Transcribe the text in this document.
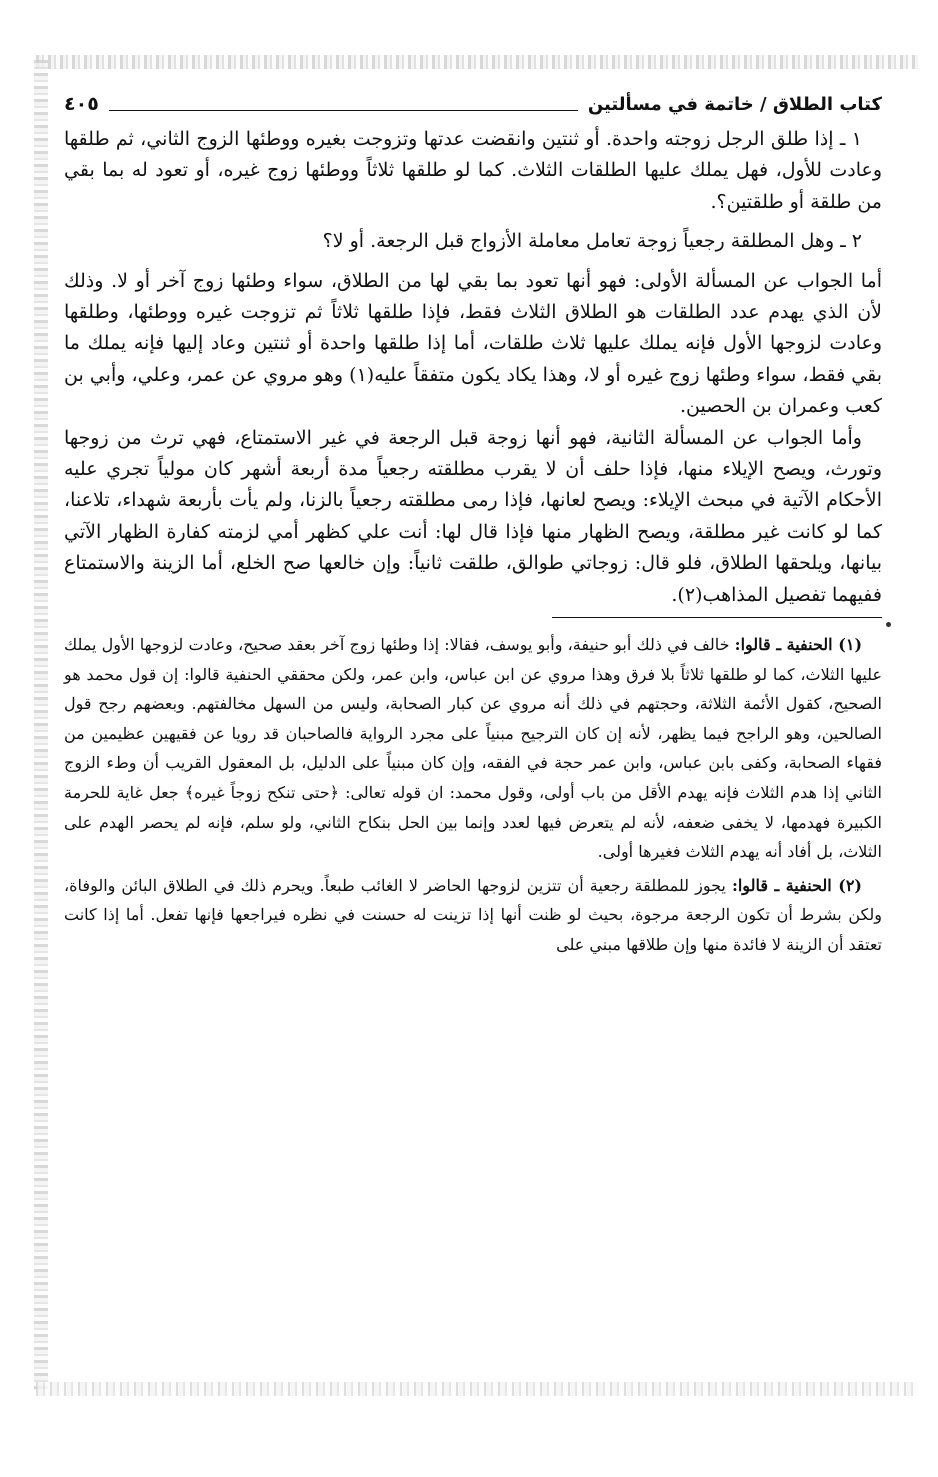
كتاب الطلاق / خاتمة في مسألتين
٤٠٥

١ ـ إذا طلق الرجل زوجته واحدة. أو ثنتين وانقضت عدتها وتزوجت بغيره ووطئها الزوج الثاني، ثم طلقها وعادت للأول، فهل يملك عليها الطلقات الثلاث. كما لو طلقها ثلاثاً ووطئها زوج غيره، أو تعود له بما بقي من طلقة أو طلقتين؟.

٢ ـ وهل المطلقة رجعياً زوجة تعامل معاملة الأزواج قبل الرجعة. أو لا؟

أما الجواب عن المسألة الأولى: فهو أنها تعود بما بقي لها من الطلاق، سواء وطئها زوج آخر أو لا. وذلك لأن الذي يهدم عدد الطلقات هو الطلاق الثلاث فقط، فإذا طلقها ثلاثاً ثم تزوجت غيره ووطئها، وطلقها وعادت لزوجها الأول فإنه يملك عليها ثلاث طلقات، أما إذا طلقها واحدة أو ثنتين وعاد إليها فإنه يملك ما بقي فقط، سواء وطئها زوج غيره أو لا، وهذا يكاد يكون متفقاً عليه(١) وهو مروي عن عمر، وعلي، وأبي بن كعب وعمران بن الحصين.

وأما الجواب عن المسألة الثانية، فهو أنها زوجة قبل الرجعة في غير الاستمتاع، فهي ترث من زوجها وتورث، ويصح الإيلاء منها، فإذا حلف أن لا يقرب مطلقته رجعياً مدة أربعة أشهر كان مولياً تجري عليه الأحكام الآتية في مبحث الإيلاء: ويصح لعانها، فإذا رمى مطلقته رجعياً بالزنا، ولم يأت بأربعة شهداء، تلاعنا، كما لو كانت غير مطلقة، ويصح الظهار منها فإذا قال لها: أنت علي كظهر أمي لزمته كفارة الظهار الآتي بيانها، ويلحقها الطلاق، فلو قال: زوجاتي طوالق، طلقت ثانياً: وإن خالعها صح الخلع، أما الزينة والاستمتاع ففيهما تفصيل المذاهب(٢).

(١) الحنفية ـ قالوا: خالف في ذلك أبو حنيفة، وأبو يوسف، فقالا: إذا وطئها زوج آخر بعقد صحيح، وعادت لزوجها الأول يملك عليها الثلاث، كما لو طلقها ثلاثاً بلا فرق وهذا مروي عن ابن عباس، وابن عمر، ولكن محققي الحنفية قالوا: إن قول محمد هو الصحيح، كقول الأئمة الثلاثة، وحجتهم في ذلك أنه مروي عن كبار الصحابة، وليس من السهل مخالفتهم. وبعضهم رجح قول الصالحين، وهو الراجح فيما يظهر، لأنه إن كان الترجيح مبنياً على مجرد الرواية فالصاحبان قد رويا عن فقيهين عظيمين من فقهاء الصحابة، وكفى بابن عباس، وابن عمر حجة في الفقه، وإن كان مبنياً على الدليل، بل المعقول القريب أن وطء الزوج الثاني إذا هدم الثلاث فإنه يهدم الأقل من باب أولى، وقول محمد: ان قوله تعالى: ﴿حتى تنكح زوجاً غيره﴾ جعل غاية للحرمة الكبيرة فهدمها، لا يخفى ضعفه، لأنه لم يتعرض فيها لعدد وإنما بين الحل بنكاح الثاني، ولو سلم، فإنه لم يحصر الهدم على الثلاث، بل أفاد أنه يهدم الثلاث فغيرها أولى.

(٢) الحنفية ـ قالوا: يجوز للمطلقة رجعية أن تتزين لزوجها الحاضر لا الغائب طبعاً. ويحرم ذلك في الطلاق البائن والوفاة، ولكن بشرط أن تكون الرجعة مرجوة، بحيث لو ظنت أنها إذا تزينت له حسنت في نظره فيراجعها فإنها تفعل. أما إذا كانت تعتقد أن الزينة لا فائدة منها وإن طلاقها مبني على
